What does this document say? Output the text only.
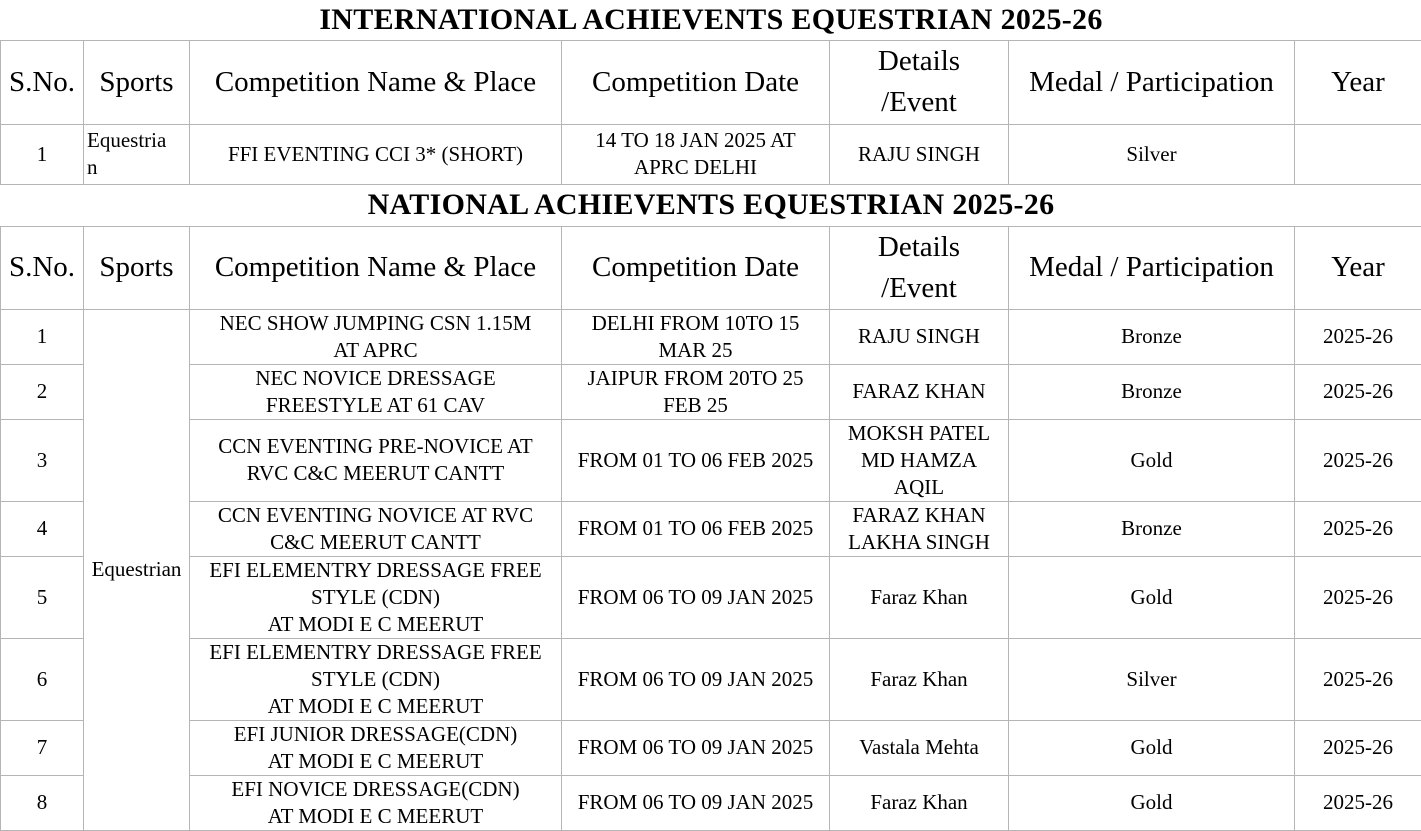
INTERNATIONAL ACHIEVENTS EQUESTRIAN 2025-26						
S.No.	Sports	Competition Name & Place	Competition Date	Details
/Event	Medal / Participation	Year
1	Equestria
n	FFI EVENTING CCI 3* (SHORT)	14 TO 18 JAN 2025 AT
APRC DELHI	RAJU SINGH	Silver	
NATIONAL ACHIEVENTS EQUESTRIAN 2025-26						
S.No.	Sports	Competition Name & Place	Competition Date	Details
/Event	Medal / Participation	Year
1	Equestrian	NEC SHOW JUMPING CSN 1.15M
AT APRC	DELHI FROM 10TO 15
MAR 25	RAJU SINGH	Bronze	2025-26
2		NEC NOVICE DRESSAGE
FREESTYLE AT 61 CAV	JAIPUR FROM 20TO 25
FEB 25	FARAZ KHAN	Bronze	2025-26
3		CCN EVENTING PRE-NOVICE AT
RVC C&C MEERUT CANTT	FROM 01 TO 06 FEB 2025	MOKSH PATEL
MD HAMZA
AQIL	Gold	2025-26
4		CCN EVENTING NOVICE AT RVC
C&C MEERUT CANTT	FROM 01 TO 06 FEB 2025	FARAZ KHAN
LAKHA SINGH	Bronze	2025-26
5		EFI ELEMENTRY DRESSAGE FREE
STYLE (CDN)
AT MODI E C MEERUT	FROM 06 TO 09 JAN 2025	Faraz Khan	Gold	2025-26
6		EFI ELEMENTRY DRESSAGE FREE
STYLE (CDN)
AT MODI E C MEERUT	FROM 06 TO 09 JAN 2025	Faraz Khan	Silver	2025-26
7		EFI JUNIOR DRESSAGE(CDN)
AT MODI E C MEERUT	FROM 06 TO 09 JAN 2025	Vastala Mehta	Gold	2025-26
8		EFI NOVICE DRESSAGE(CDN)
AT MODI E C MEERUT	FROM 06 TO 09 JAN 2025	Faraz Khan	Gold	2025-26
